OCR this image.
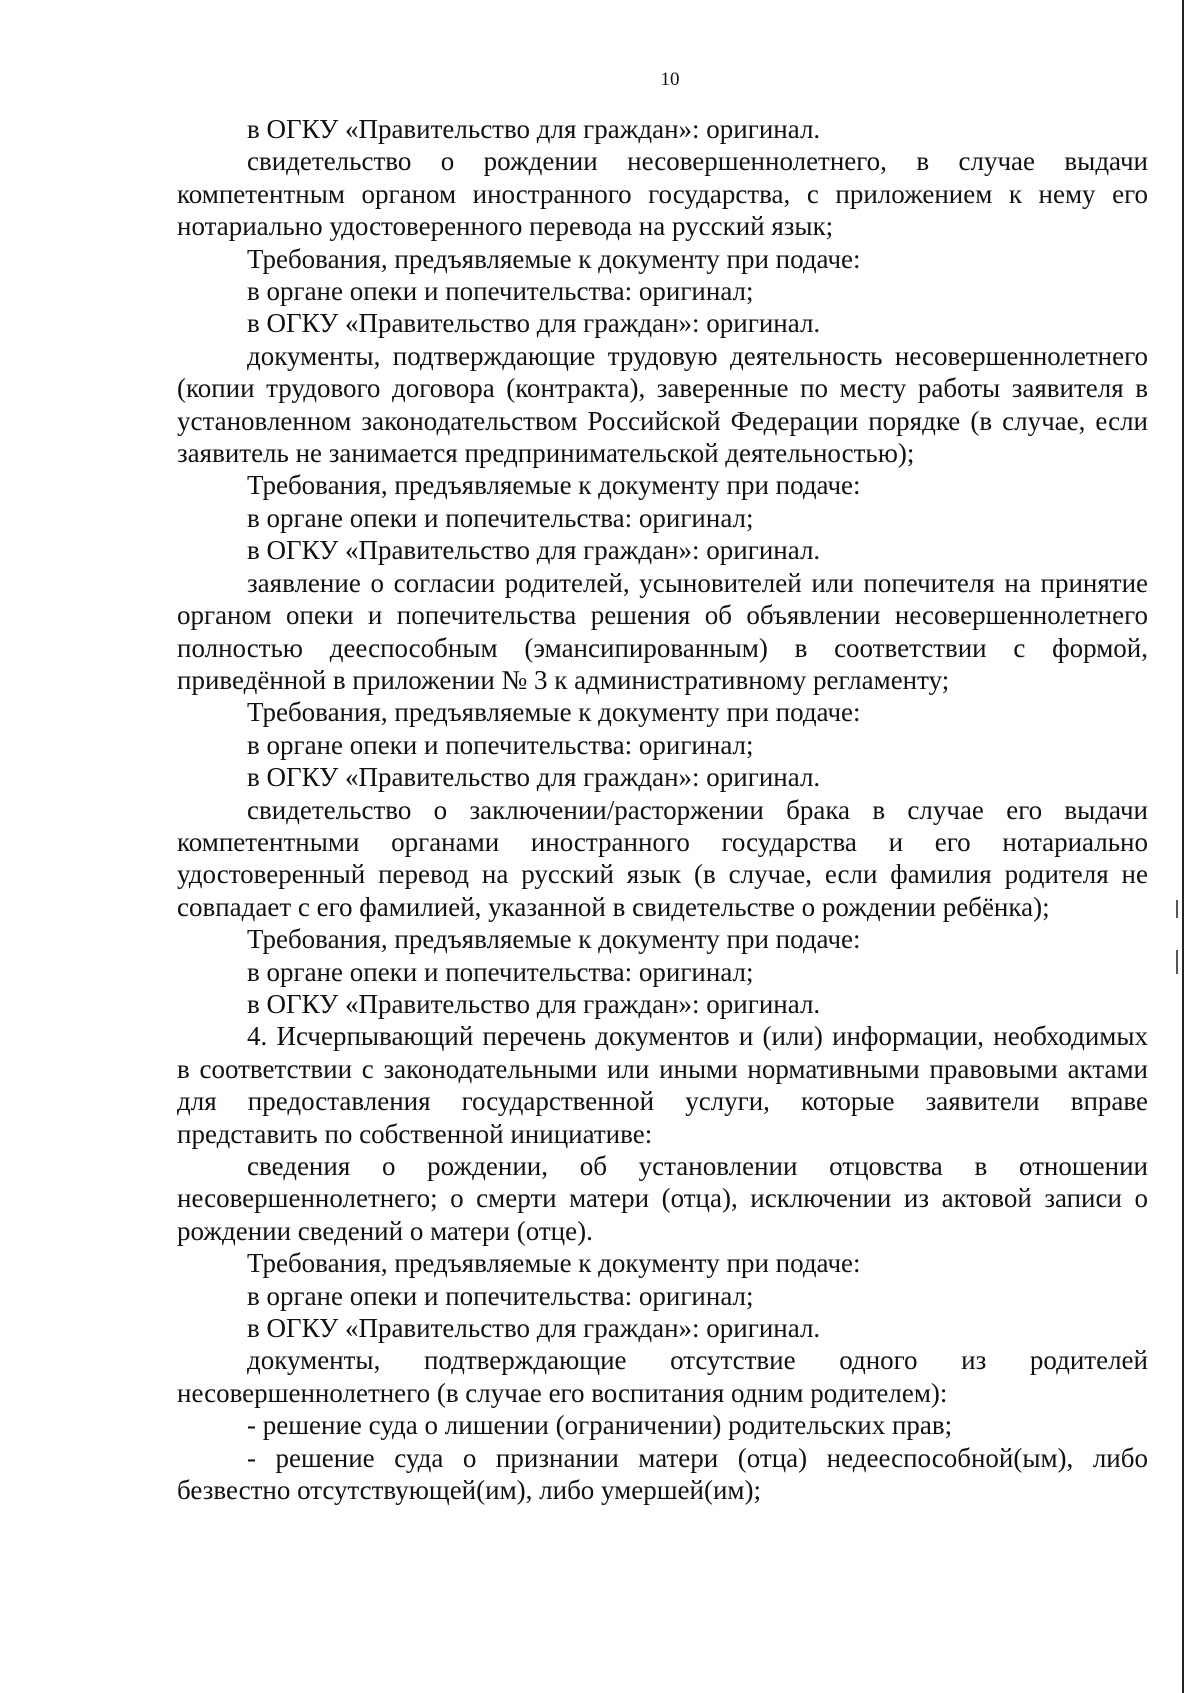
10

в ОГКУ «Правительство для граждан»: оригинал.

свидетельство о рождении несовершеннолетнего, в случае выдачи компетентным органом иностранного государства, с приложением к нему его нотариально удостоверенного перевода на русский язык;

Требования, предъявляемые к документу при подаче:

в органе опеки и попечительства: оригинал;

в ОГКУ «Правительство для граждан»: оригинал.

документы, подтверждающие трудовую деятельность несовершеннолетнего (копии трудового договора (контракта), заверенные по месту работы заявителя в установленном законодательством Российской Федерации порядке (в случае, если заявитель не занимается предпринимательской деятельностью);

Требования, предъявляемые к документу при подаче:

в органе опеки и попечительства: оригинал;

в ОГКУ «Правительство для граждан»: оригинал.

заявление о согласии родителей, усыновителей или попечителя на принятие органом опеки и попечительства решения об объявлении несовершеннолетнего полностью дееспособным (эмансипированным) в соответствии с формой, приведённой в приложении № 3 к административному регламенту;

Требования, предъявляемые к документу при подаче:

в органе опеки и попечительства: оригинал;

в ОГКУ «Правительство для граждан»: оригинал.

свидетельство о заключении/расторжении брака в случае его выдачи компетентными органами иностранного государства и его нотариально удостоверенный перевод на русский язык (в случае, если фамилия родителя не совпадает с его фамилией, указанной в свидетельстве о рождении ребёнка);

Требования, предъявляемые к документу при подаче:

в органе опеки и попечительства: оригинал;

в ОГКУ «Правительство для граждан»: оригинал.

4. Исчерпывающий перечень документов и (или) информации, необходимых в соответствии с законодательными или иными нормативными правовыми актами для предоставления государственной услуги, которые заявители вправе представить по собственной инициативе:

сведения о рождении, об установлении отцовства в отношении несовершеннолетнего; о смерти матери (отца), исключении из актовой записи о рождении сведений о матери (отце).

Требования, предъявляемые к документу при подаче:

в органе опеки и попечительства: оригинал;

в ОГКУ «Правительство для граждан»: оригинал.

документы, подтверждающие отсутствие одного из родителей несовершеннолетнего (в случае его воспитания одним родителем):

- решение суда о лишении (ограничении) родительских прав;

- решение суда о признании матери (отца) недееспособной(ым), либо безвестно отсутствующей(им), либо умершей(им);
